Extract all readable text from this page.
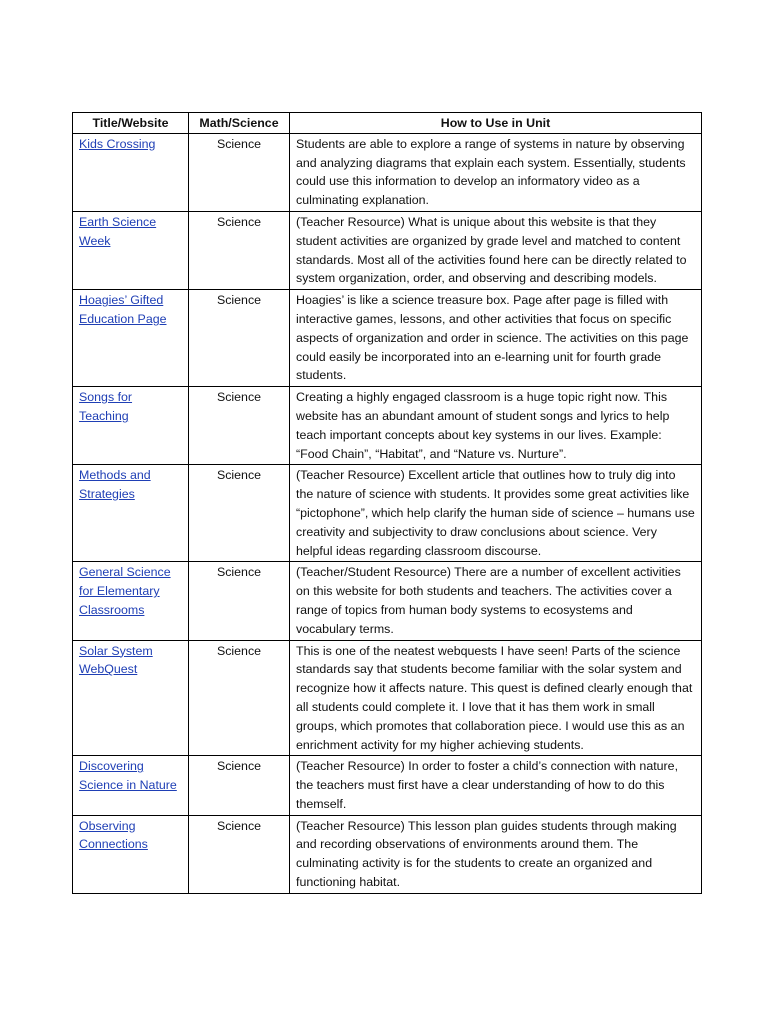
Title/Website	Math/Science	How to Use in Unit
Kids Crossing	Science	Students are able to explore a range of systems in nature by observing and analyzing diagrams that explain each system. Essentially, students could use this information to develop an informatory video as a culminating explanation.
Earth Science Week	Science	(Teacher Resource) What is unique about this website is that they student activities are organized by grade level and matched to content standards. Most all of the activities found here can be directly related to system organization, order, and observing and describing models.
Hoagies’ Gifted Education Page	Science	Hoagies’ is like a science treasure box. Page after page is filled with interactive games, lessons, and other activities that focus on specific aspects of organization and order in science. The activities on this page could easily be incorporated into an e-learning unit for fourth grade students.
Songs for Teaching	Science	Creating a highly engaged classroom is a huge topic right now. This website has an abundant amount of student songs and lyrics to help teach important concepts about key systems in our lives. Example: “Food Chain”, “Habitat”, and “Nature vs. Nurture”.
Methods and Strategies	Science	(Teacher Resource) Excellent article that outlines how to truly dig into the nature of science with students. It provides some great activities like “pictophone”, which help clarify the human side of science – humans use creativity and subjectivity to draw conclusions about science. Very helpful ideas regarding classroom discourse.
General Science for Elementary Classrooms	Science	(Teacher/Student Resource) There are a number of excellent activities on this website for both students and teachers. The activities cover a range of topics from human body systems to ecosystems and vocabulary terms.
Solar System WebQuest	Science	This is one of the neatest webquests I have seen! Parts of the science standards say that students become familiar with the solar system and recognize how it affects nature. This quest is defined clearly enough that all students could complete it. I love that it has them work in small groups, which promotes that collaboration piece. I would use this as an enrichment activity for my higher achieving students.
Discovering Science in Nature	Science	(Teacher Resource) In order to foster a child’s connection with nature, the teachers must first have a clear understanding of how to do this themself.
Observing Connections	Science	(Teacher Resource) This lesson plan guides students through making and recording observations of environments around them. The culminating activity is for the students to create an organized and functioning habitat.
